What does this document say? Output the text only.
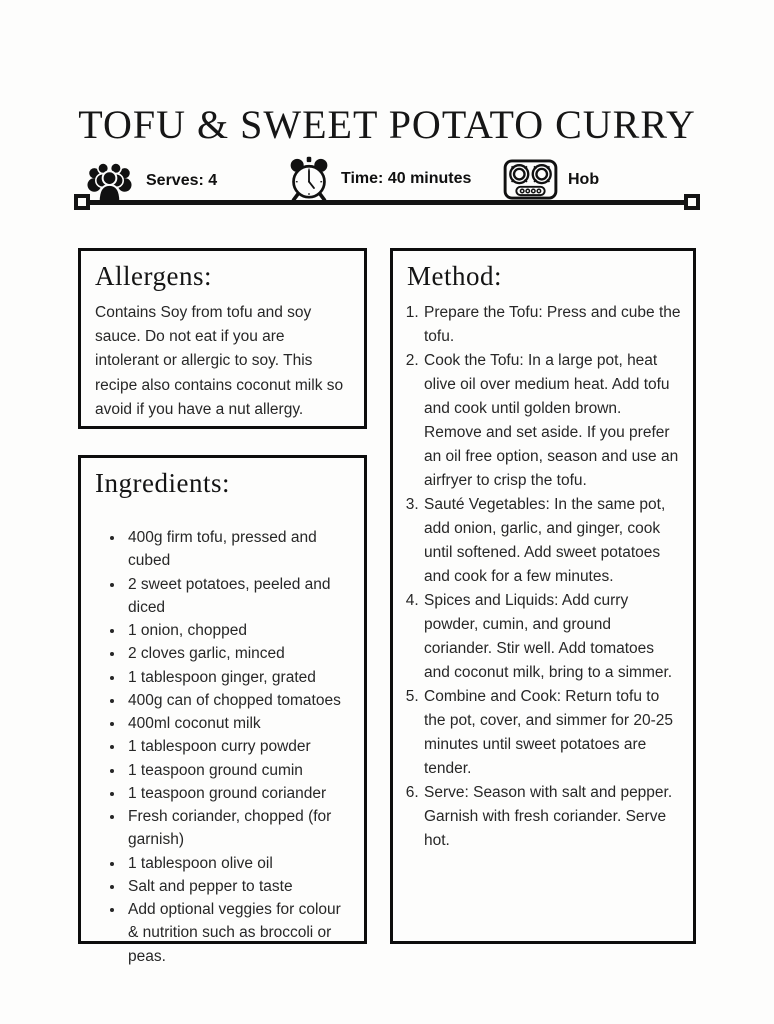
TOFU & SWEET POTATO CURRY
Serves: 4	Time: 40 minutes	Hob
Allergens:

Contains Soy from tofu and soy sauce. Do not eat if you are intolerant or allergic to soy. This recipe also contains coconut milk so avoid if you have a nut allergy.

Ingredients:
• 400g firm tofu, pressed and cubed
• 2 sweet potatoes, peeled and diced
• 1 onion, chopped
• 2 cloves garlic, minced
• 1 tablespoon ginger, grated
• 400g can of chopped tomatoes
• 400ml coconut milk
• 1 tablespoon curry powder
• 1 teaspoon ground cumin
• 1 teaspoon ground coriander
• Fresh coriander, chopped (for garnish)
• 1 tablespoon olive oil
• Salt and pepper to taste
• Add optional veggies for colour & nutrition such as broccoli or peas.
Method:
1. Prepare the Tofu: Press and cube the tofu.
2. Cook the Tofu: In a large pot, heat olive oil over medium heat. Add tofu and cook until golden brown. Remove and set aside. If you prefer an oil free option, season and use an airfryer to crisp the tofu.
3. Sauté Vegetables: In the same pot, add onion, garlic, and ginger, cook until softened. Add sweet potatoes and cook for a few minutes.
4. Spices and Liquids: Add curry powder, cumin, and ground coriander. Stir well. Add tomatoes and coconut milk, bring to a simmer.
5. Combine and Cook: Return tofu to the pot, cover, and simmer for 20-25 minutes until sweet potatoes are tender.
6. Serve: Season with salt and pepper. Garnish with fresh coriander. Serve hot.
